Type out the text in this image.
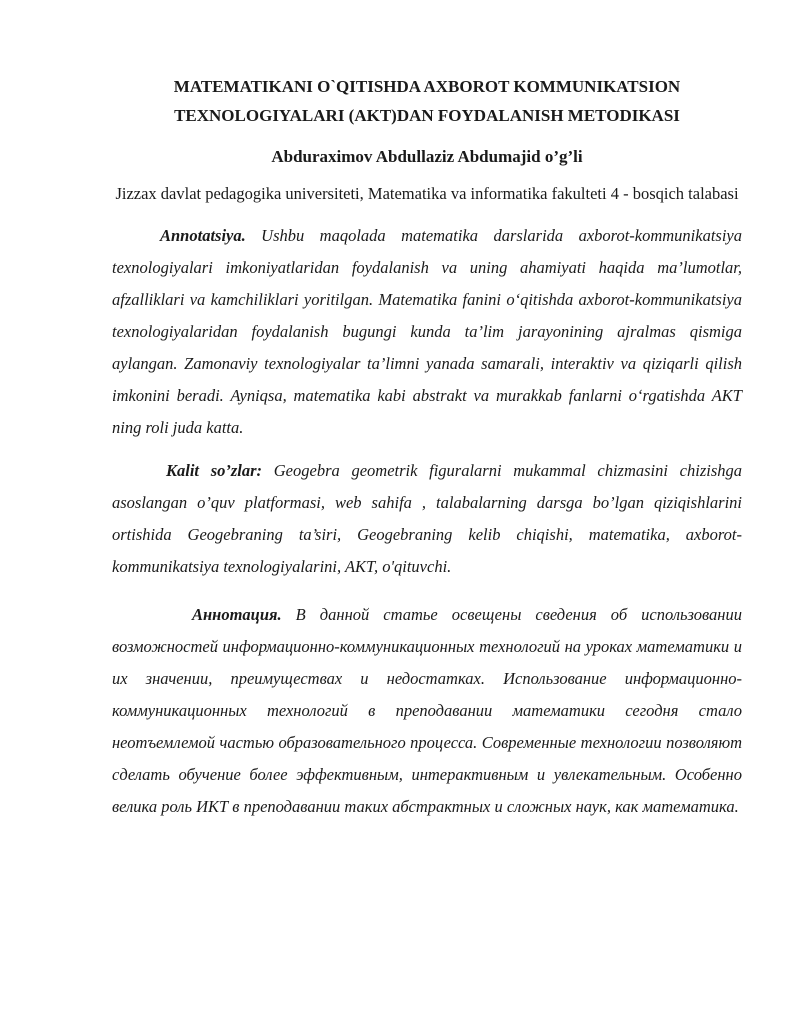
MATEMATIKANI O`QITISHDA AXBOROT KOMMUNIKATSION
TEXNOLOGIYALARI (AKT)DAN FOYDALANISH METODIKASI
Abduraximov Abdullaziz Abdumajid o’g’li
Jizzax davlat pedagogika universiteti, Matematika va informatika fakulteti 4 - bosqich talabasi

Annotatsiya. Ushbu maqolada matematika darslarida axborot-kommunikatsiya texnologiyalari imkoniyatlaridan foydalanish va uning ahamiyati haqida ma’lumotlar, afzalliklari va kamchiliklari yoritilgan. Matematika fanini o‘qitishda axborot-kommunikatsiya texnologiyalaridan foydalanish bugungi kunda ta’lim jarayonining ajralmas qismiga aylangan. Zamonaviy texnologiyalar ta’limni yanada samarali, interaktiv va qiziqarli qilish imkonini beradi. Ayniqsa, matematika kabi abstrakt va murakkab fanlarni o‘rgatishda AKT ning roli juda katta.

Kalit so’zlar: Geogebra geometrik figuralarni mukammal chizmasini chizishga asoslangan o’quv platformasi, web sahifa , talabalarning darsga bo’lgan qiziqishlarini ortishida Geogebraning ta’siri, Geogebraning kelib chiqishi, matematika, axborot-kommunikatsiya texnologiyalarini, AKT, o'qituvchi.

Аннотация. В данной статье освещены сведения об использовании возможностей информационно-коммуникационных технологий на уроках математики и их значении, преимуществах и недостатках. Использование информационно-коммуникационных технологий в преподавании математики сегодня стало неотъемлемой частью образовательного процесса. Современные технологии позволяют сделать обучение более эффективным, интерактивным и увлекательным. Особенно велика роль ИКТ в преподавании таких абстрактных и сложных наук, как математика.
